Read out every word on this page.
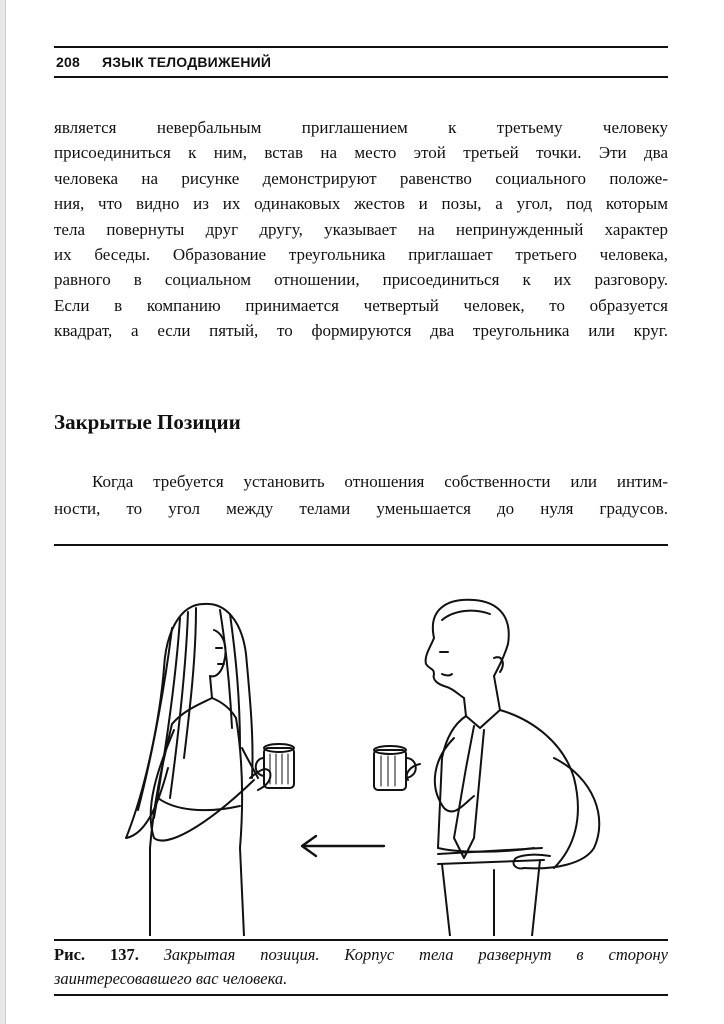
208	ЯЗЫК ТЕЛОДВИЖЕНИЙ
является невербальным приглашением к третьему человеку
присоединиться к ним, встав на место этой третьей точки. Эти два
человека на рисунке демонстрируют равенство социального положе-
ния, что видно из их одинаковых жестов и позы, а угол, под которым
тела повернуты друг другу, указывает на непринужденный характер
их беседы. Образование треугольника приглашает третьего человека,
равного в социальном отношении, присоединиться к их разговору.
Если в компанию принимается четвертый человек, то образуется
квадрат, а если пятый, то формируются два треугольника или круг.
Закрытые Позиции
Когда требуется установить отношения собственности или интим-
ности, то угол между телами уменьшается до нуля градусов.
Рис. 137. Закрытая позиция. Корпус тела развернут в сторону
заинтересовавшего вас человека.
